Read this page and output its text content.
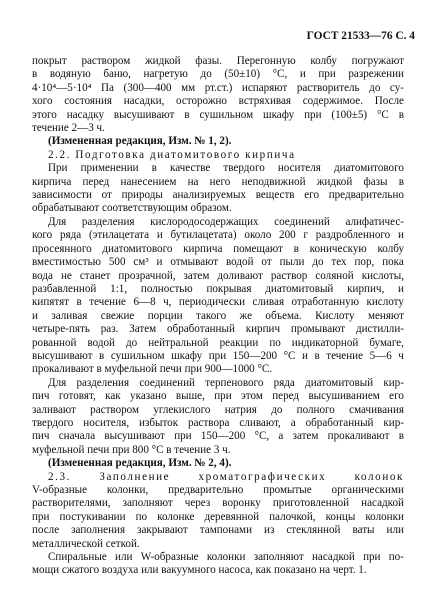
ГОСТ 21533—76 С. 4
покрыт раствором жидкой фазы. Перегонную колбу погружают
в водяную баню, нагретую до (50±10) °C, и при разрежении
4·10⁴—5·10⁴ Па (300—400 мм рт.ст.) испаряют растворитель до су-
хого состояния насадки, осторожно встряхивая содержимое. После
этого насадку высушивают в сушильном шкафу при (100±5) °C в
течение 2—3 ч.
(Измененная редакция, Изм. № 1, 2).
2.2. Подготовка диатомитового кирпича
При применении в качестве твердого носителя диатомитового
кирпича перед нанесением на него неподвижной жидкой фазы в
зависимости от природы анализируемых веществ его предварительно
обрабатывают соответствующим образом.
Для разделения кислородосодержащих соединений алифатичес-
кого ряда (этилацетата и бутилацетата) около 200 г раздробленного и
просеянного диатомитового кирпича помещают в коническую колбу
вместимостью 500 см³ и отмывают водой от пыли до тех пор, пока
вода не станет прозрачной, затем доливают раствор соляной кислоты,
разбавленной 1:1, полностью покрывая диатомитовый кирпич, и
кипятят в течение 6—8 ч, периодически сливая отработанную кислоту
и заливая свежие порции такого же объема. Кислоту меняют
четыре-пять раз. Затем обработанный кирпич промывают дистилли-
рованной водой до нейтральной реакции по индикаторной бумаге,
высушивают в сушильном шкафу при 150—200 °C и в течение 5—6 ч
прокаливают в муфельной печи при 900—1000 °C.
Для разделения соединений терпенового ряда диатомитовый кир-
пич готовят, как указано выше, при этом перед высушиванием его
заливают раствором углекислого натрия до полного смачивания
твердого носителя, избыток раствора сливают, а обработанный кир-
пич сначала высушивают при 150—200 °C, а затем прокаливают в
муфельной печи при 800 °C в течение 3 ч.
(Измененная редакция, Изм. № 2, 4).
2.3.	Заполнение	хроматографических	колонок
V-образные колонки, предварительно промытые органическими
растворителями, заполняют через воронку приготовленной насадкой
при постукивании по колонке деревянной палочкой, концы колонки
после заполнения закрывают тампонами из стеклянной ваты или
металлической сеткой.
Спиральные или W-образные колонки заполняют насадкой при по-
мощи сжатого воздуха или вакуумного насоса, как показано на черт. 1.
